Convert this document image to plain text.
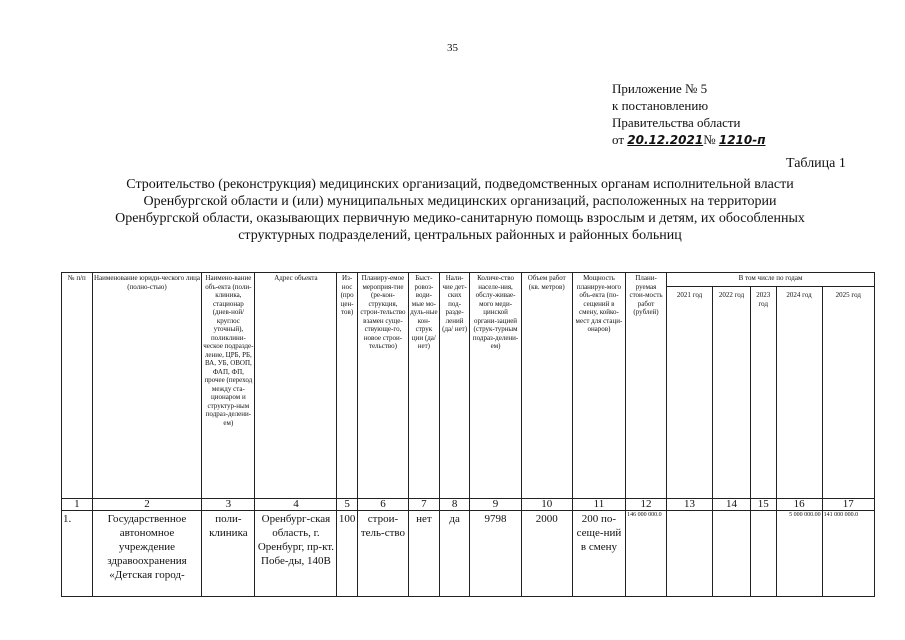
35
Приложение № 5
к постановлению
Правительства области
от 20.12.2021№ 1210-п
Таблица 1
Строительство (реконструкция) медицинских организаций, подведомственных органам исполнительной власти Оренбургской области и (или) муниципальных медицинских организаций, расположенных на территории Оренбургской области, оказывающих первичную медико-санитарную помощь взрослым и детям, их обособленных структурных подразделений, центральных районных и районных больниц
№ п/п	Наименование юриди-ческого лица (полно-стью)	Наимено-вание объ-екта (поли-клиника, стационар (днев-ной/круглос уточный), поликлини-ческое подразде-ление, ЦРБ, РБ, ВА, УБ, ОВОП, ФАП, ФП, прочее (переход между ста-ционаром и структур-ным подраз-делени-ем)	Адрес объекта	Из-нос (про цен-тов)	Планиру-емое мероприя-тие (ре-кон-струкция, строи-тельство взамен суще-ствующе-го, новое строи-тельство)	Быст-ровоз-води-мые мо-дуль-ные кон-струк ции (да/ нет)	Нали-чие дет-ских под-разде-лений (да/ нет)	Количе-ство населе-ния, обслу-живае-мого меди-цинской органи-зацией (струк-турным подраз-делени-ем)	Объем работ (кв. метров)	Мощность планируе-мого объ-екта (по-сещений в смену, койко-мест для стаци-онаров)	Плани-руемая стои-мость работ (рублей)	В том числе по годам				
												2021 год	2022 год	2023 год	2024 год	2025 год
1	2	3	4	5	6	7	8	9	10	11	12	13	14	15	16	17
1.	Государственное автономное учреждение здравоохранения «Детская город-	поли-клиника	Оренбург-ская область, г. Оренбург, пр-кт. Побе-ды, 140В	100	строи-тель-ство	нет	да	9798	2000	200 по-сеще-ний в смену	146 000 000.0				5 000 000.00	141 000 000.0
